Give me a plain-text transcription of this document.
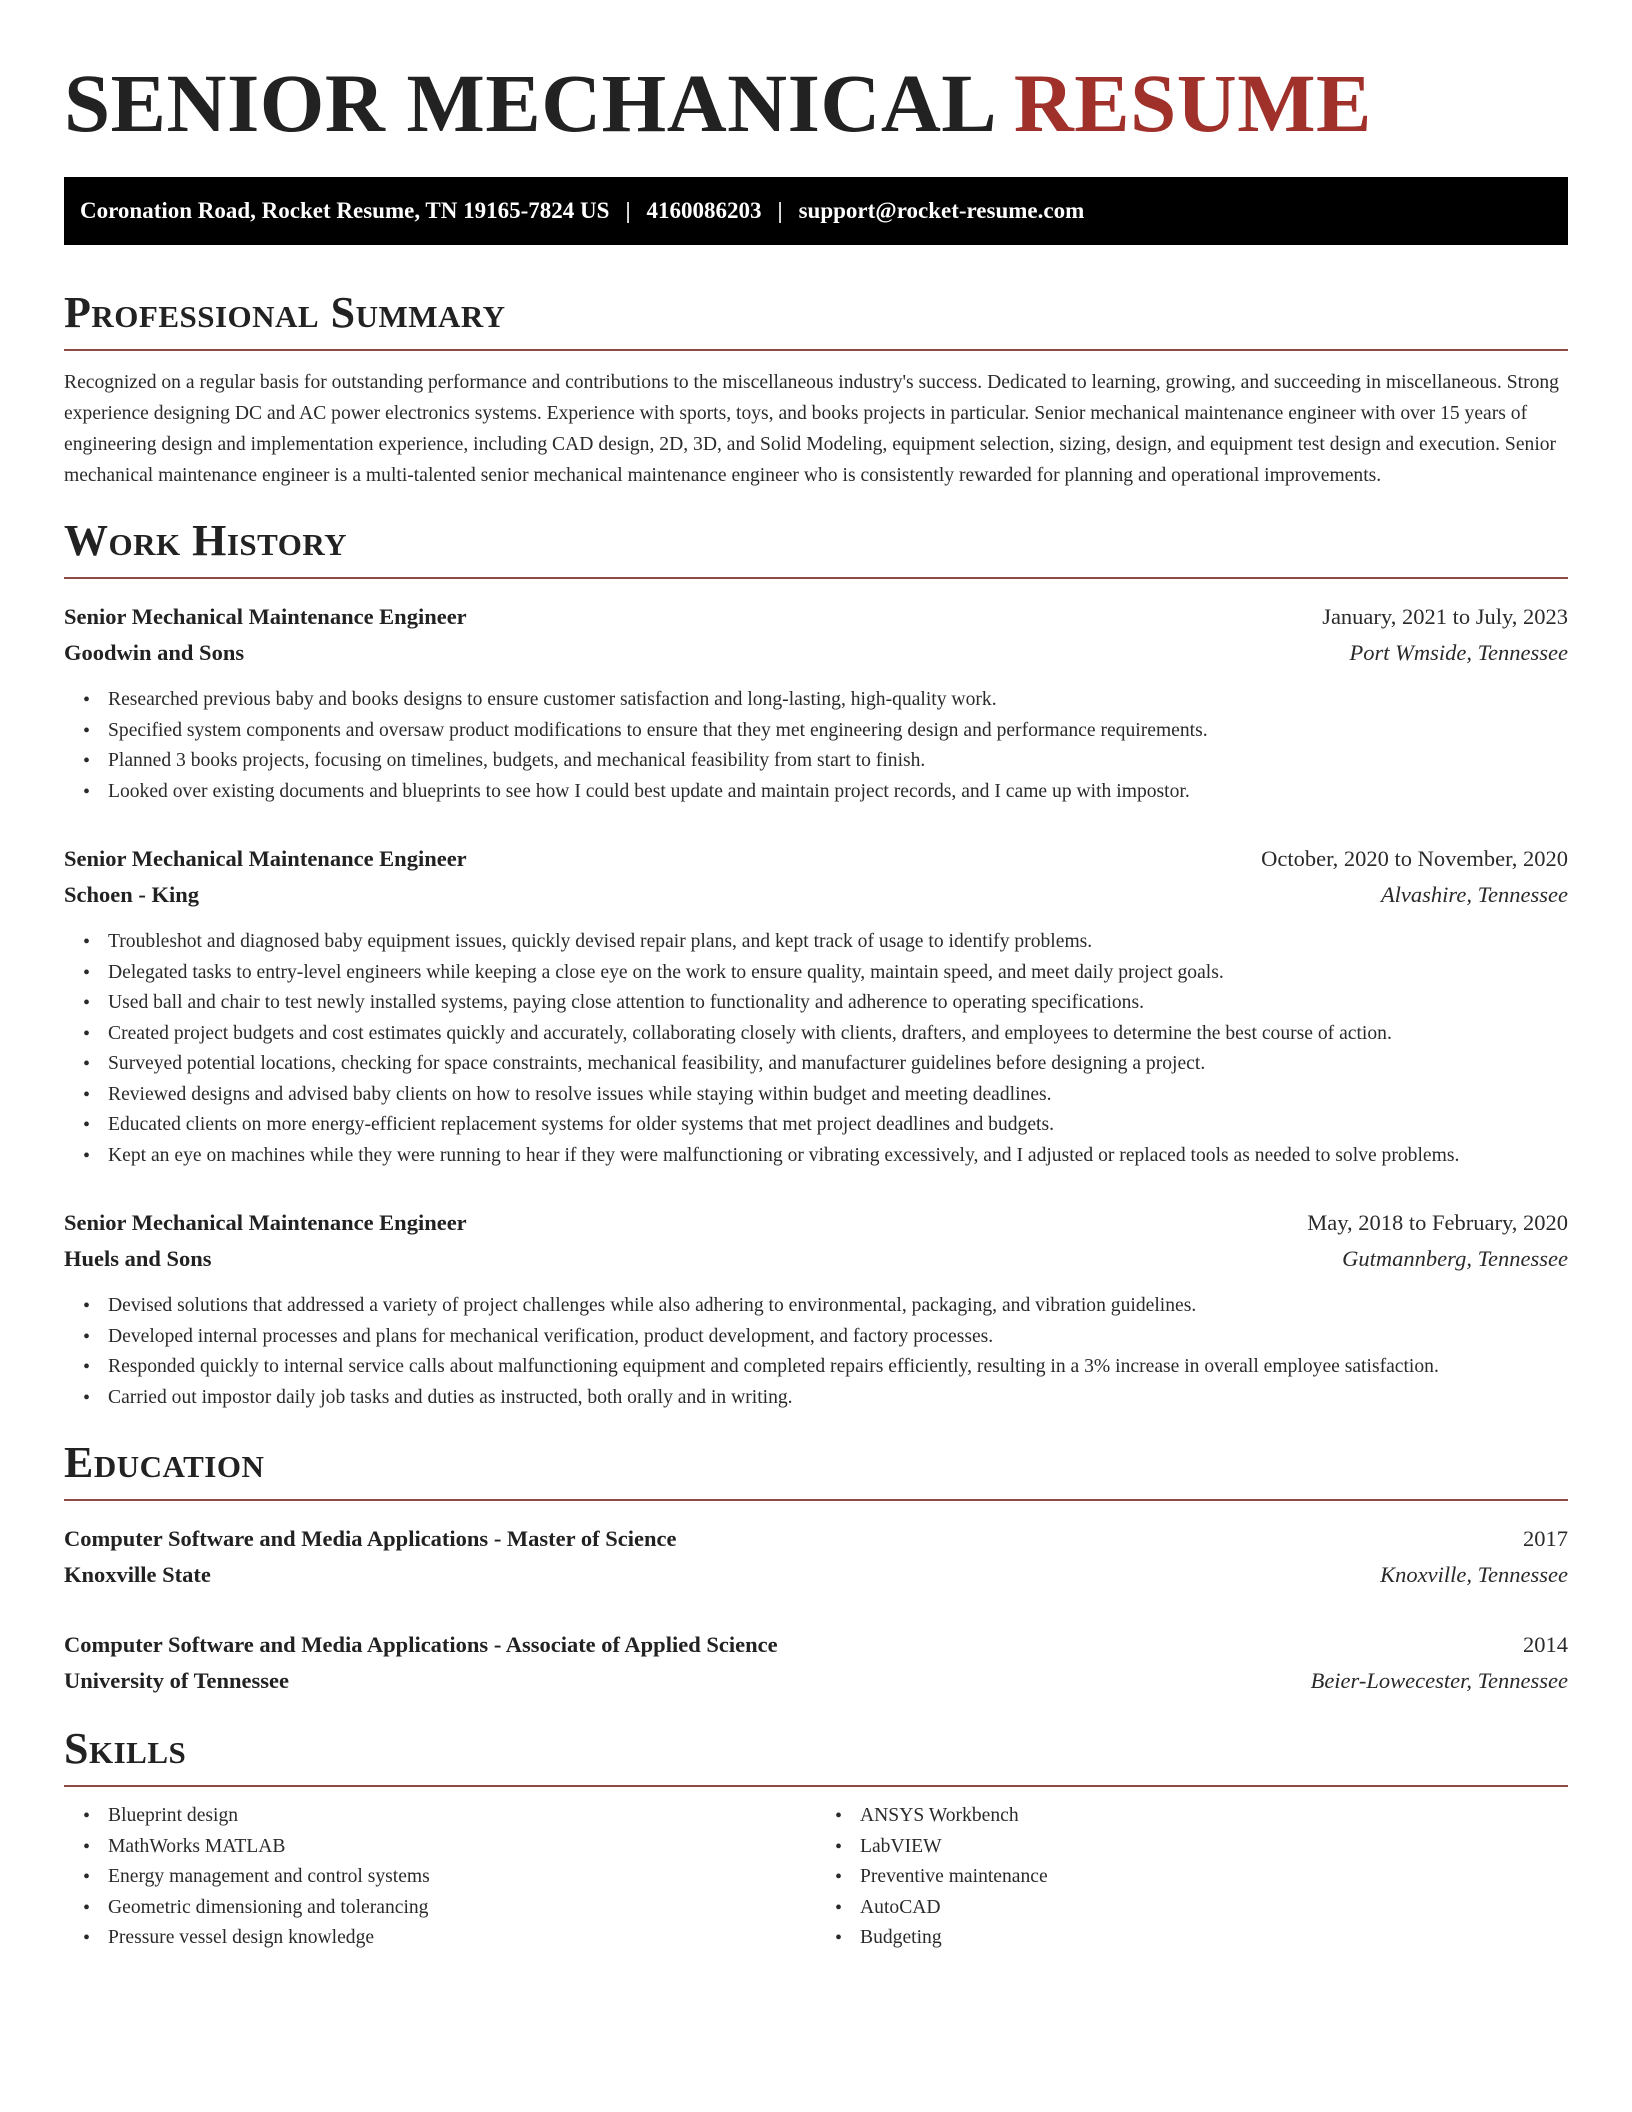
SENIOR MECHANICAL RESUME
Coronation Road, Rocket Resume, TN 19165-7824 US | 4160086203 | support@rocket-resume.com
Professional Summary

Recognized on a regular basis for outstanding performance and contributions to the miscellaneous industry's success. Dedicated to learning, growing, and succeeding in miscellaneous. Strong experience designing DC and AC power electronics systems. Experience with sports, toys, and books projects in particular. Senior mechanical maintenance engineer with over 15 years of engineering design and implementation experience, including CAD design, 2D, 3D, and Solid Modeling, equipment selection, sizing, design, and equipment test design and execution. Senior mechanical maintenance engineer is a multi-talented senior mechanical maintenance engineer who is consistently rewarded for planning and operational improvements.

Work History
Senior Mechanical Maintenance Engineer	January, 2021 to July, 2023
Goodwin and Sons	Port Wmside, Tennessee
• Researched previous baby and books designs to ensure customer satisfaction and long-lasting, high-quality work.
• Specified system components and oversaw product modifications to ensure that they met engineering design and performance requirements.
• Planned 3 books projects, focusing on timelines, budgets, and mechanical feasibility from start to finish.
• Looked over existing documents and blueprints to see how I could best update and maintain project records, and I came up with impostor.
Senior Mechanical Maintenance Engineer	October, 2020 to November, 2020
Schoen - King	Alvashire, Tennessee
• Troubleshot and diagnosed baby equipment issues, quickly devised repair plans, and kept track of usage to identify problems.
• Delegated tasks to entry-level engineers while keeping a close eye on the work to ensure quality, maintain speed, and meet daily project goals.
• Used ball and chair to test newly installed systems, paying close attention to functionality and adherence to operating specifications.
• Created project budgets and cost estimates quickly and accurately, collaborating closely with clients, drafters, and employees to determine the best course of action.
• Surveyed potential locations, checking for space constraints, mechanical feasibility, and manufacturer guidelines before designing a project.
• Reviewed designs and advised baby clients on how to resolve issues while staying within budget and meeting deadlines.
• Educated clients on more energy-efficient replacement systems for older systems that met project deadlines and budgets.
• Kept an eye on machines while they were running to hear if they were malfunctioning or vibrating excessively, and I adjusted or replaced tools as needed to solve problems.
Senior Mechanical Maintenance Engineer	May, 2018 to February, 2020
Huels and Sons	Gutmannberg, Tennessee
• Devised solutions that addressed a variety of project challenges while also adhering to environmental, packaging, and vibration guidelines.
• Developed internal processes and plans for mechanical verification, product development, and factory processes.
• Responded quickly to internal service calls about malfunctioning equipment and completed repairs efficiently, resulting in a 3% increase in overall employee satisfaction.
• Carried out impostor daily job tasks and duties as instructed, both orally and in writing.
Education
Computer Software and Media Applications - Master of Science	2017
Knoxville State	Knoxville, Tennessee
Computer Software and Media Applications - Associate of Applied Science	2014
University of Tennessee	Beier-Lowecester, Tennessee
Skills
• Blueprint design
• MathWorks MATLAB
• Energy management and control systems
• Geometric dimensioning and tolerancing
• Pressure vessel design knowledge
• ANSYS Workbench
• LabVIEW
• Preventive maintenance
• AutoCAD
• Budgeting
